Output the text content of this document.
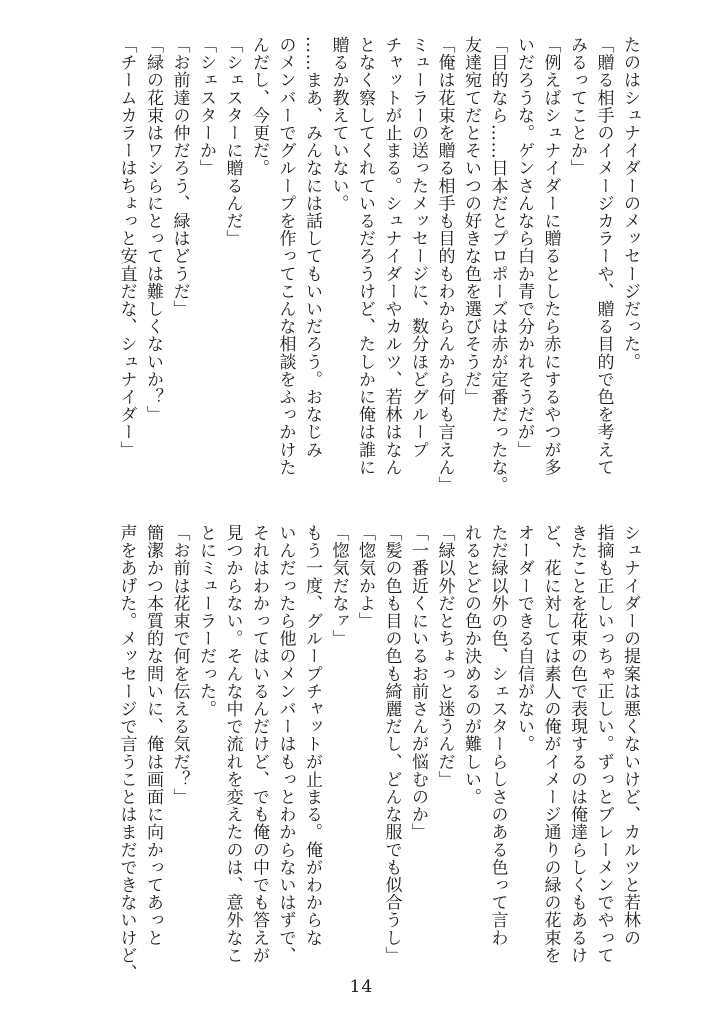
たのはシュナイダーのメッセージだった。
「贈る相手のイメージカラーや、贈る目的で色を考えて
みるってことか」
「例えばシュナイダーに贈るとしたら赤にするやつが多
いだろうな。ゲンさんなら白か青で分かれそうだが」
「目的なら……日本だとプロポーズは赤が定番だったな。
友達宛てだとそいつの好きな色を選びそうだ」
「俺は花束を贈る相手も目的もわからんから何も言えん」
ミューラーの送ったメッセージに、数分ほどグループ
チャットが止まる。シュナイダーやカルツ、若林はなん
となく察してくれているだろうけど、たしかに俺は誰に
贈るか教えていない。
……まあ、みんなには話してもいいだろう。おなじみ
のメンバーでグループを作ってこんな相談をふっかけた
んだし、今更だ。
「シェスターに贈るんだ」
「シェスターか」
「お前達の仲だろう、緑はどうだ」
「緑の花束はワシらにとっては難しくないか？」
「チームカラーはちょっと安直だな、シュナイダー」
シュナイダーの提案は悪くないけど、カルツと若林の
指摘も正しいっちゃ正しい。ずっとブレーメンでやって
きたことを花束の色で表現するのは俺達らしくもあるけ
ど、花に対しては素人の俺がイメージ通りの緑の花束を
オーダーできる自信がない。
ただ緑以外の色、シェスターらしさのある色って言わ
れるとどの色か決めるのが難しい。
「緑以外だとちょっと迷うんだ」
「一番近くにいるお前さんが悩むのか」
「髪の色も目の色も綺麗だし、どんな服でも似合うし」
「惚気かよ」
「惚気だなァ」
もう一度、グループチャットが止まる。俺がわからな
いんだったら他のメンバーはもっとわからないはずで、
それはわかってはいるんだけど、でも俺の中でも答えが
見つからない。そんな中で流れを変えたのは、意外なこ
とにミューラーだった。
「お前は花束で何を伝える気だ？」
簡潔かつ本質的な問いに、俺は画面に向かってあっと
声をあげた。メッセージで言うことはまだできないけど、
14
